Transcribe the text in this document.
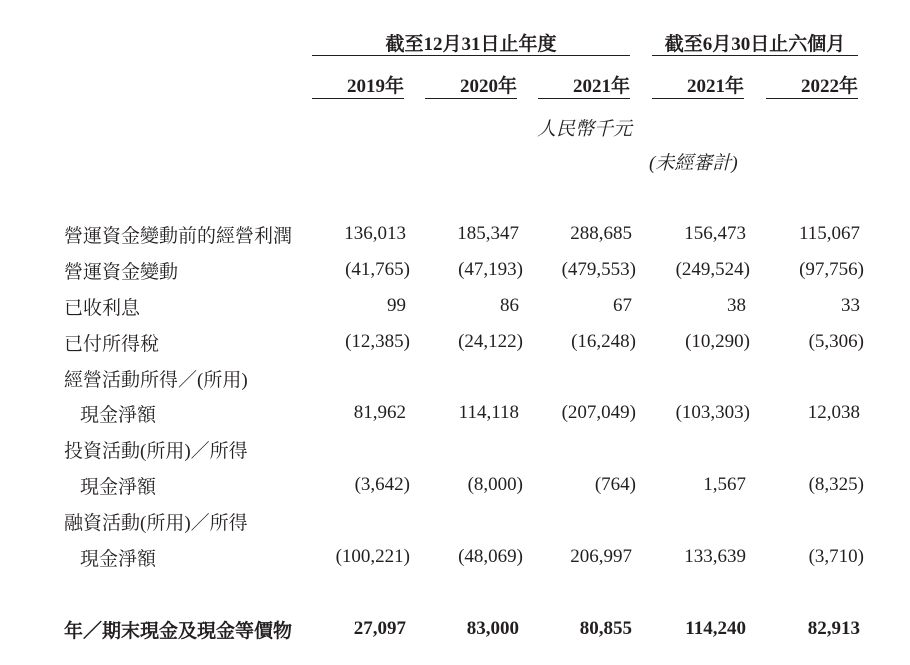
截至12月31日止年度	截至6月30日止六個月
2019年	2020年	2021年	2021年	2022年
人民幣千元
(未經審計)
營運資金變動前的經營利潤	136,013	185,347	288,685	156,473	115,067
營運資金變動	(41,765)	(47,193)	(479,553)	(249,524)	(97,756)
已收利息	99	86	67	38	33
已付所得稅	(12,385)	(24,122)	(16,248)	(10,290)	(5,306)
經營活動所得／(所用)
現金淨額	81,962	114,118	(207,049)	(103,303)	12,038
投資活動(所用)／所得
現金淨額	(3,642)	(8,000)	(764)	1,567	(8,325)
融資活動(所用)／所得
現金淨額	(100,221)	(48,069)	206,997	133,639	(3,710)
年／期末現金及現金等價物	27,097	83,000	80,855	114,240	82,913
